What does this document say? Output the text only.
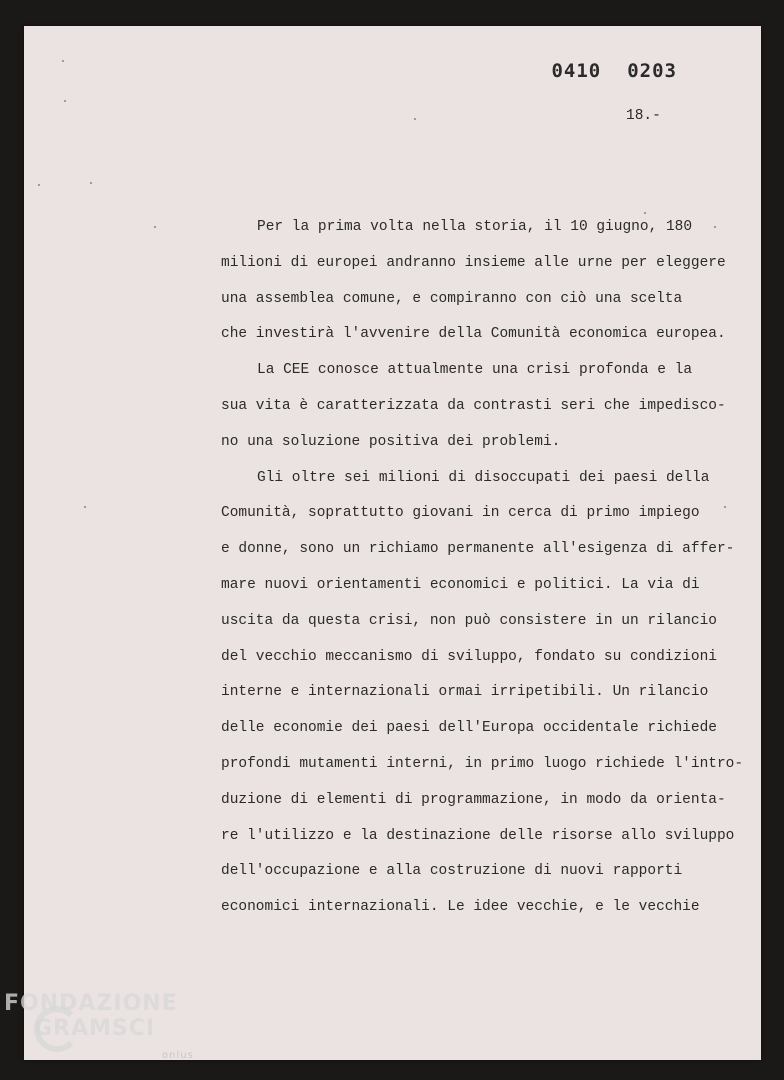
0410 0203
18.-
Per la prima volta nella storia, il 10 giugno, 180
milioni di europei andranno insieme alle urne per eleggere
una assemblea comune, e compiranno con ciò una scelta
che investirà l'avvenire della Comunità economica europea.
La CEE conosce attualmente una crisi profonda e la
sua vita è caratterizzata da contrasti seri che impedisco-
no una soluzione positiva dei problemi.
Gli oltre sei milioni di disoccupati dei paesi della
Comunità, soprattutto giovani in cerca di primo impiego
e donne, sono un richiamo permanente all'esigenza di affer-
mare nuovi orientamenti economici e politici. La via di
uscita da questa crisi, non può consistere in un rilancio
del vecchio meccanismo di sviluppo, fondato su condizioni
interne e internazionali ormai irripetibili. Un rilancio
delle economie dei paesi dell'Europa occidentale richiede
profondi mutamenti interni, in primo luogo richiede l'intro-
duzione di elementi di programmazione, in modo da orienta-
re l'utilizzo e la destinazione delle risorse allo sviluppo
dell'occupazione e alla costruzione di nuovi rapporti
economici internazionali. Le idee vecchie, e le vecchie
FONDAZIONE
GRAMSCI
onlus
